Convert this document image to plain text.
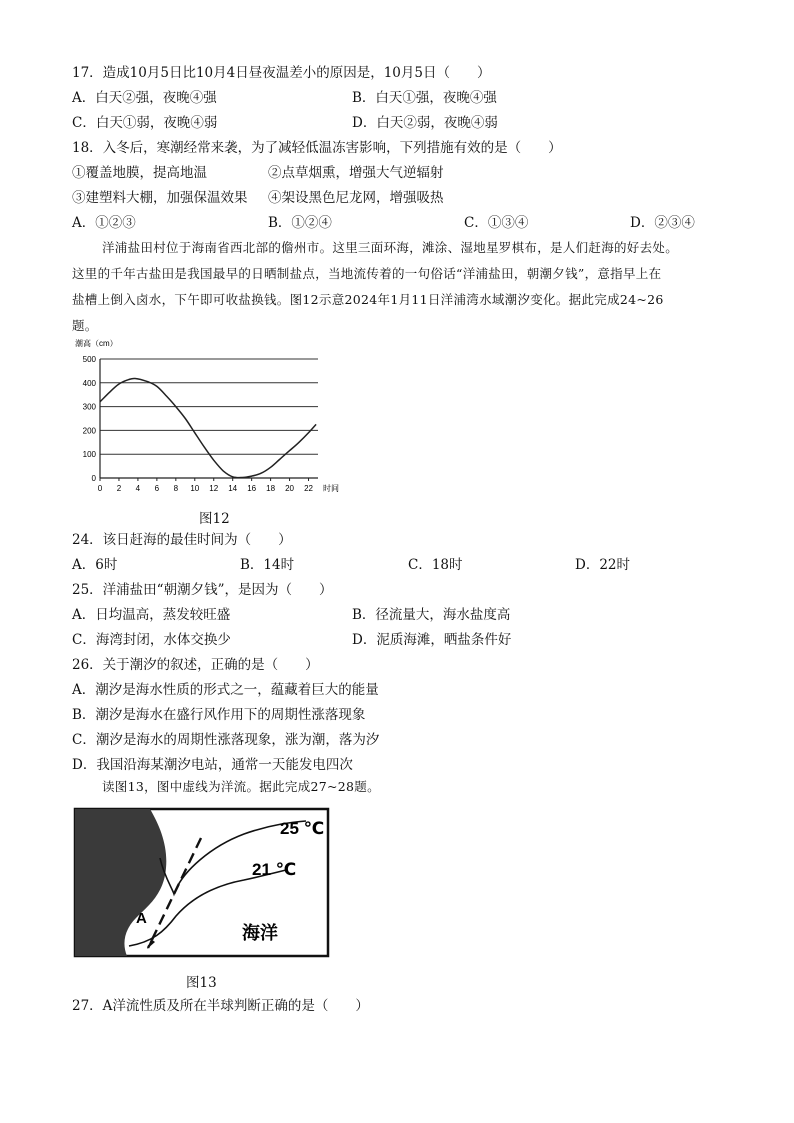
17．造成10月5日比10月4日昼夜温差小的原因是，10月5日（　　）
A．白天②强，夜晚④强	B．白天①强，夜晚④强
C．白天①弱，夜晚④弱	D．白天②弱，夜晚④弱
18．入冬后，寒潮经常来袭，为了减轻低温冻害影响，下列措施有效的是（　　）
①覆盖地膜，提高地温	②点草烟熏，增强大气逆辐射
③建塑料大棚，加强保温效果 ④架设黑色尼龙网，增强吸热
A．①②③	B．①②④	C．①③④	D．②③④
洋浦盐田村位于海南省西北部的儋州市。这里三面环海，滩涂、湿地星罗棋布，是人们赶海的好去处。
这里的千年古盐田是我国最早的日晒制盐点，当地流传着的一句俗话“洋浦盐田，朝潮夕钱”，意指早上在
盐槽上倒入卤水，下午即可收盐换钱。图12示意2024年1月11日洋浦湾水域潮汐变化。据此完成24~26
题。
潮高（cm）
0
100
200
300
400
500
0 2 4 6 8 10 12 14 16 18 20 22 时间
图12
24．该日赶海的最佳时间为（　　）
A．6时	B．14时	C．18时	D．22时
25．洋浦盐田“朝潮夕钱”，是因为（　　）
A．日均温高，蒸发较旺盛	B．径流量大，海水盐度高
C．海湾封闭，水体交换少	D．泥质海滩，晒盐条件好
26．关于潮汐的叙述，正确的是（　　）
A．潮汐是海水性质的形式之一，蕴藏着巨大的能量
B．潮汐是海水在盛行风作用下的周期性涨落现象
C．潮汐是海水的周期性涨落现象，涨为潮，落为汐
D．我国沿海某潮汐电站，通常一天能发电四次
读图13，图中虚线为洋流。据此完成27~28题。
25 ℃
21 ℃
A
海洋
图13
27．A洋流性质及所在半球判断正确的是（　　）
